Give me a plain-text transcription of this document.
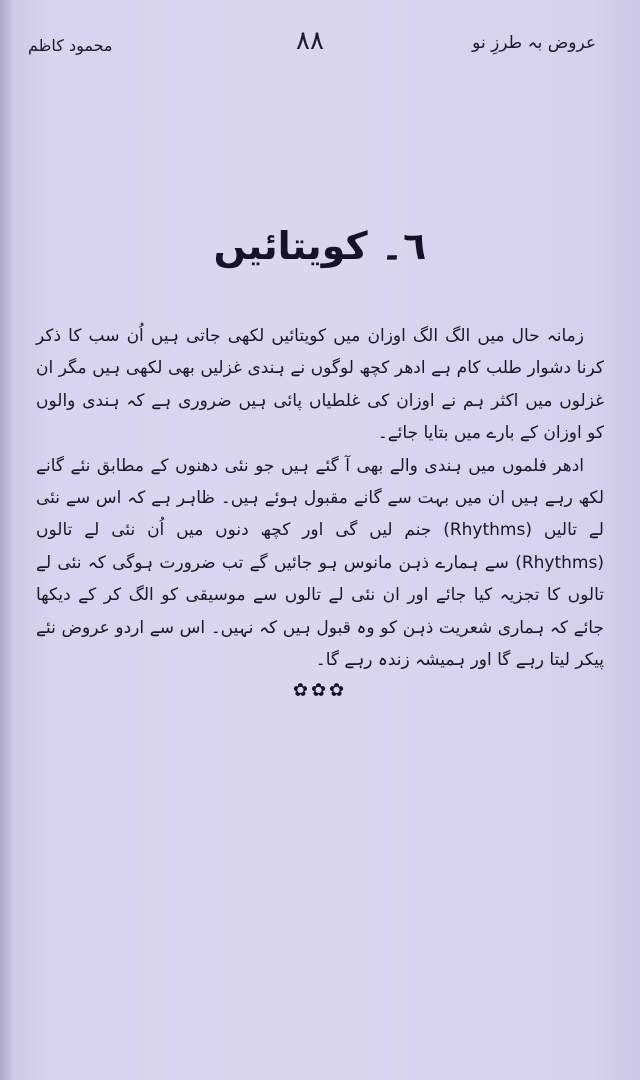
عروض بہ طرزِ نو
۸۸
محمود کاظم
٦۔ کویتائیں

زمانہ حال میں الگ الگ اوزان میں کویتائیں لکھی جاتی ہیں اُن سب کا ذکر کرنا دشوار طلب کام ہے ادھر کچھ لوگوں نے ہندی غزلیں بھی لکھی ہیں مگر ان غزلوں میں اکثر ہم نے اوزان کی غلطیاں پائی ہیں ضروری ہے کہ ہندی والوں کو اوزان کے بارے میں بتایا جائے۔

ادھر فلموں میں ہندی والے بھی آ گئے ہیں جو نئی دھنوں کے مطابق نئے گانے لکھ رہے ہیں ان میں بہت سے گانے مقبول ہوئے ہیں۔ ظاہر ہے کہ اس سے نئی لے تالیں (Rhythms) جنم لیں گی اور کچھ دنوں میں اُن نئی لے تالوں (Rhythms) سے ہمارے ذہن مانوس ہو جائیں گے تب ضرورت ہوگی کہ نئی لے تالوں کا تجزیہ کیا جائے اور ان نئی لے تالوں سے موسیقی کو الگ کر کے دیکھا جائے کہ ہماری شعریت ذہن کو وہ قبول ہیں کہ نہیں۔ اس سے اردو عروض نئے پیکر لیتا رہے گا اور ہمیشہ زندہ رہے گا۔

✿✿✿
